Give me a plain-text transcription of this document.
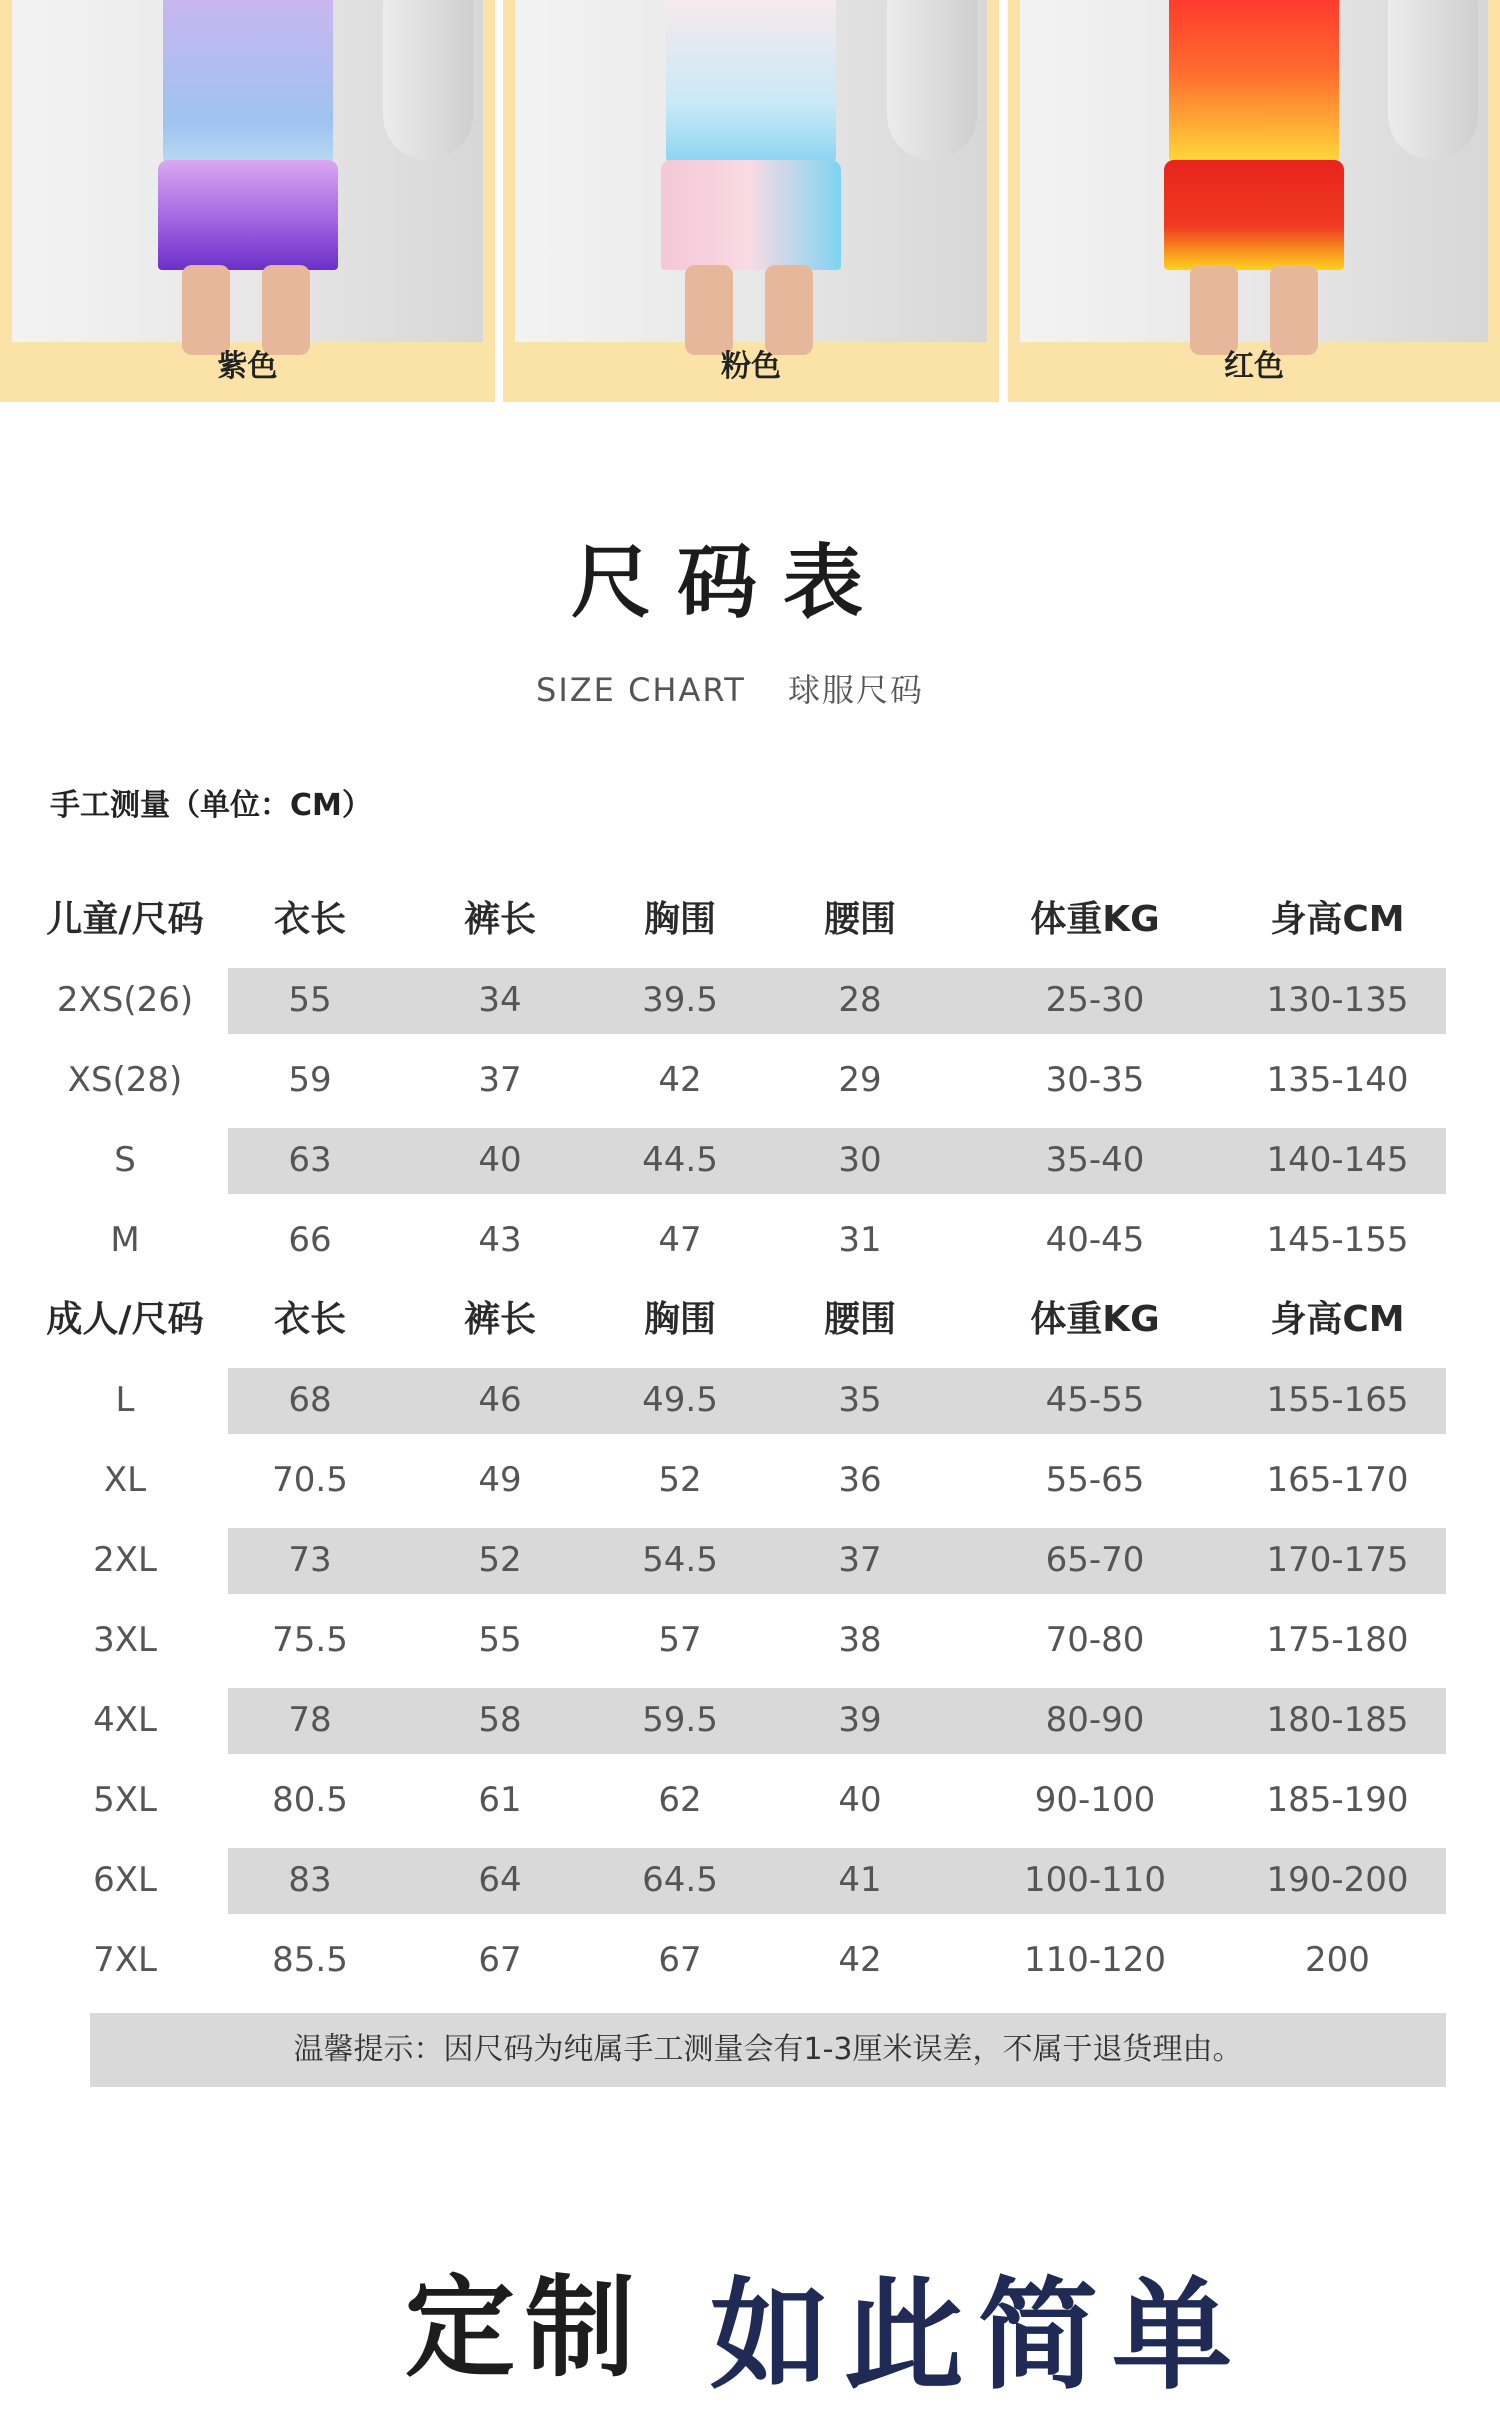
紫色	粉色	红色
尺码表
SIZE CHART 球服尺码
手工测量（单位：CM）
儿童/尺码	衣长	裤长	胸围	腰围	体重KG	身高CM
2XS(26)	55	34	39.5	28	25-30	130-135
XS(28)	59	37	42	29	30-35	135-140
S	63	40	44.5	30	35-40	140-145
M	66	43	47	31	40-45	145-155
成人/尺码	衣长	裤长	胸围	腰围	体重KG	身高CM
L	68	46	49.5	35	45-55	155-165
XL	70.5	49	52	36	55-65	165-170
2XL	73	52	54.5	37	65-70	170-175
3XL	75.5	55	57	38	70-80	175-180
4XL	78	58	59.5	39	80-90	180-185
5XL	80.5	61	62	40	90-100	185-190
6XL	83	64	64.5	41	100-110	190-200
7XL	85.5	67	67	42	110-120	200
温馨提示：因尺码为纯属手工测量会有1-3厘米误差，不属于退货理由。
定制 如此简单
